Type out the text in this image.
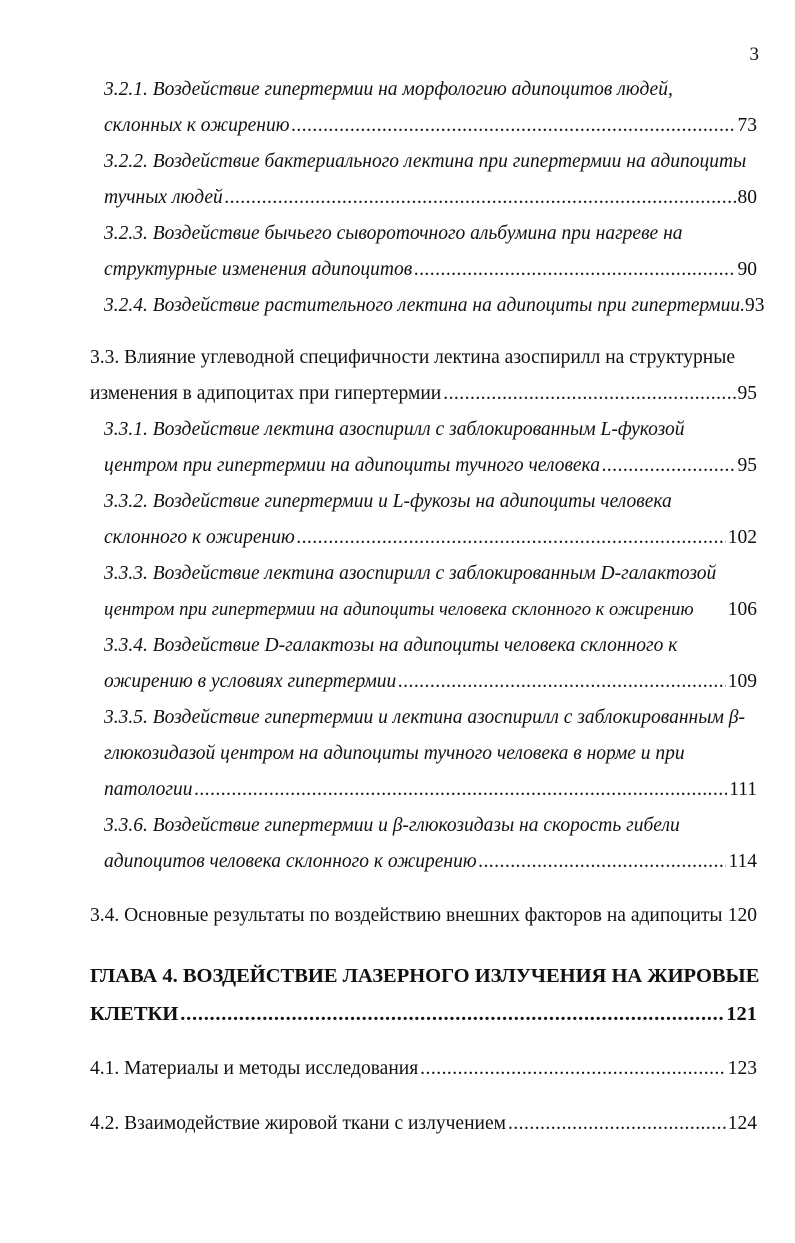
3
3.2.1. Воздействие гипертермии на морфологию адипоцитов людей,
склонных к ожирению . . .	73
3.2.2. Воздействие бактериального лектина при гипертермии на адипоциты
тучных людей . . .	80
3.2.3. Воздействие бычьего сывороточного альбумина при нагреве на
структурные изменения адипоцитов . . .	90
3.2.4. Воздействие растительного лектина на адипоциты при гипертермии. 93
3.3. Влияние углеводной специфичности лектина азоспирилл на структурные
изменения в адипоцитах при гипертермии . . .	95
3.3.1. Воздействие лектина азоспирилл с заблокированным L-фукозой
центром при гипертермии на адипоциты тучного человека . . .	95
3.3.2. Воздействие гипертермии и L-фукозы на адипоциты человека
склонного к ожирению . . .	102
3.3.3. Воздействие лектина азоспирилл с заблокированным D-галактозой
центром при гипертермии на адипоциты человека склонного к ожирению 106
3.3.4. Воздействие D-галактозы на адипоциты человека склонного к
ожирению в условиях гипертермии . . .	109
3.3.5. Воздействие гипертермии и лектина азоспирилл с заблокированным β-
глюкозидазой центром на адипоциты тучного человека в норме и при
патологии . . .	111
3.3.6. Воздействие гипертермии и β-глюкозидазы на скорость гибели
адипоцитов человека склонного к ожирению . . .	114
3.4. Основные результаты по воздействию внешних факторов на адипоциты . . . 120
ГЛАВА 4. ВОЗДЕЙСТВИЕ ЛАЗЕРНОГО ИЗЛУЧЕНИЯ НА ЖИРОВЫЕ
КЛЕТКИ . . .	121
4.1. Материалы и методы исследования . . .	123
4.2. Взаимодействие жировой ткани с излучением . . .	124
